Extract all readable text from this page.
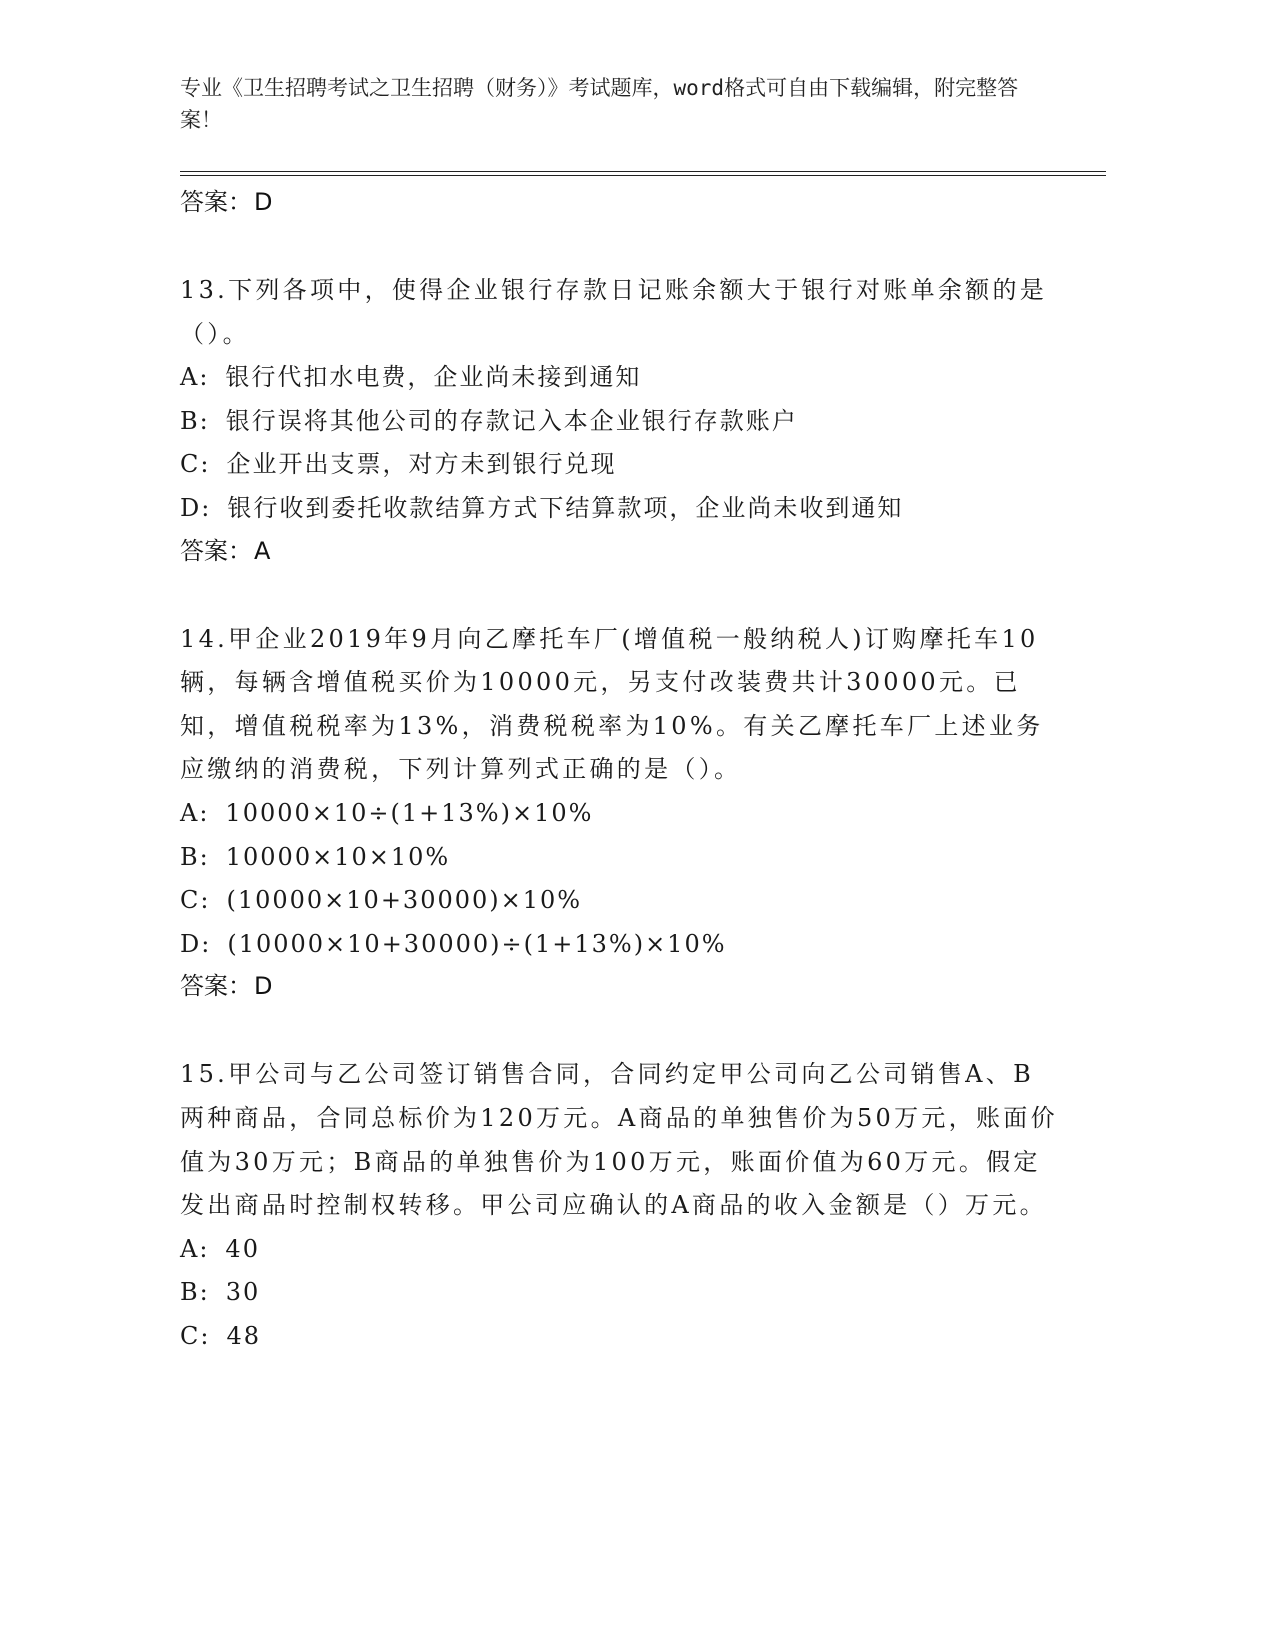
专业《卫生招聘考试之卫生招聘（财务）》考试题库，word格式可自由下载编辑，附完整答案！
答案：D

13.下列各项中，使得企业银行存款日记账余额大于银行对账单余额的是（）。

A: 银行代扣水电费，企业尚未接到通知
B: 银行误将其他公司的存款记入本企业银行存款账户
C: 企业开出支票，对方未到银行兑现
D: 银行收到委托收款结算方式下结算款项，企业尚未收到通知
答案：A

14.甲企业2019年9月向乙摩托车厂(增值税一般纳税人)订购摩托车10辆，每辆含增值税买价为10000元，另支付改装费共计30000元。已知，增值税税率为13%，消费税税率为10%。有关乙摩托车厂上述业务应缴纳的消费税，下列计算列式正确的是（）。

A: 10000×10÷(1+13%)×10%
B: 10000×10×10%
C: (10000×10+30000)×10%
D: (10000×10+30000)÷(1+13%)×10%
答案：D

15.甲公司与乙公司签订销售合同，合同约定甲公司向乙公司销售A、B两种商品，合同总标价为120万元。A商品的单独售价为50万元，账面价值为30万元；B商品的单独售价为100万元，账面价值为60万元。假定发出商品时控制权转移。甲公司应确认的A商品的收入金额是（）万元。

A: 40
B: 30
C: 48
